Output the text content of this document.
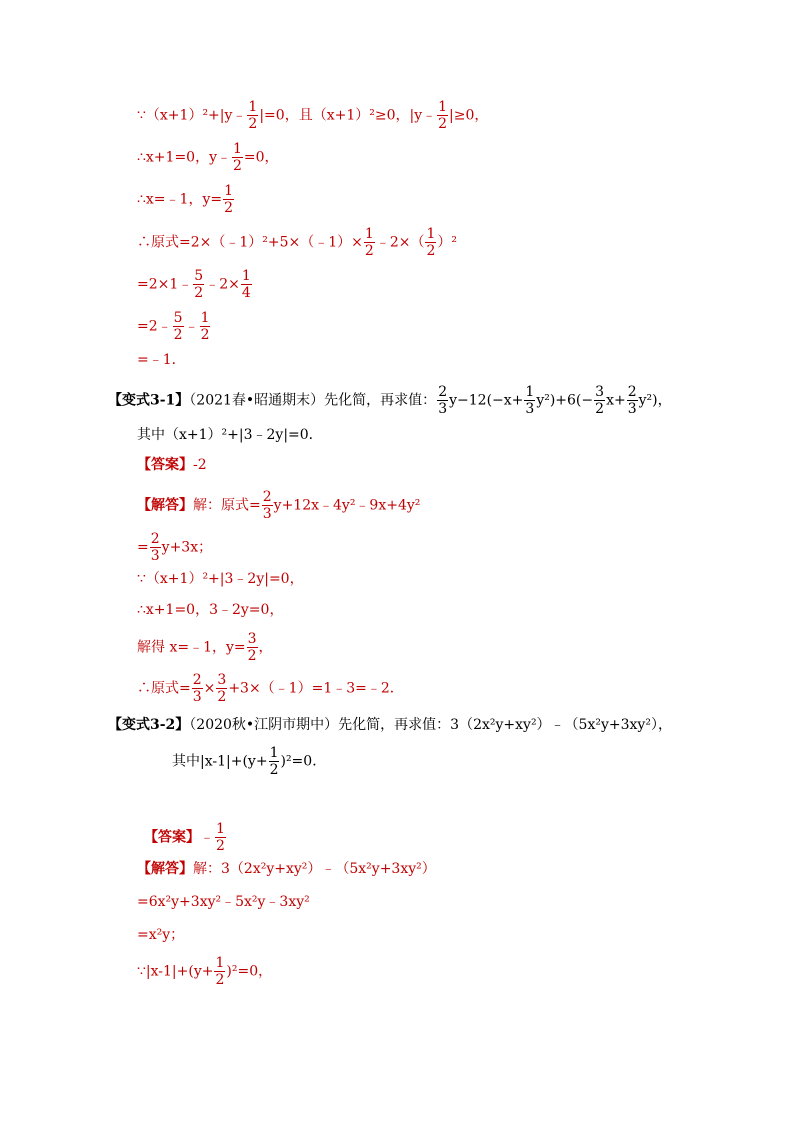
∵（x+1）²+|y﹣ $\frac{1}{2} |=0$，且（x+1）²≥0，|y﹣ $\frac{1}{2} |\ge 0$，
∴x+1=0，y﹣ $\frac{1}{2} =0$，
∴x=﹣1，$y= \frac{1}{2}$
∴原式=2×（﹣1）²+5×（﹣1）× $\frac{1}{2}$ ﹣2×（ $\frac{1}{2} )^2$
=2×1﹣ $\frac{5}{2}$ ﹣2× $\frac{1}{4}$
=2﹣ $\frac{5}{2}$ ﹣ $\frac{1}{2}$
=﹣1．
【变式3-1】（2021春•昭通期末）先化简，再求值： $\frac{2}{3} y-12(-x+ \frac{1}{3} y^2)+6(- \frac{3}{2} x+ \frac{2}{3} y^2)$，
其中（x+1）²+|3﹣2y|=0．
【答案】-2
【解答】解：原式= $\frac{2}{3}$ y+12x﹣4y²﹣9x+4y²
= $\frac{2}{3} y+3x$；
∵（x+1）²+|3﹣2y|=0，
∴x+1=0，3﹣2y=0，
解得 x=﹣1，$y= \frac{3}{2}$ ，
∴原式= $\frac{2}{3} \times \frac{3}{2}$ +3×（﹣1）=1﹣3=﹣2．
【变式3-2】（2020秋•江阴市期中）先化简，再求值：3（2x²y+xy²）﹣（5x²y+3xy²），
其中$|x-1|+(y+ \frac{1}{2} )^2=0$．
【答案】﹣ $\frac{1}{2}$
【解答】解：3（2x²y+xy²）﹣（5x²y+3xy²）
=6x²y+3xy²﹣5x²y﹣3xy²
=x²y；
∵|x-1|+(y+ $\frac{1}{2} )^2=0$，
